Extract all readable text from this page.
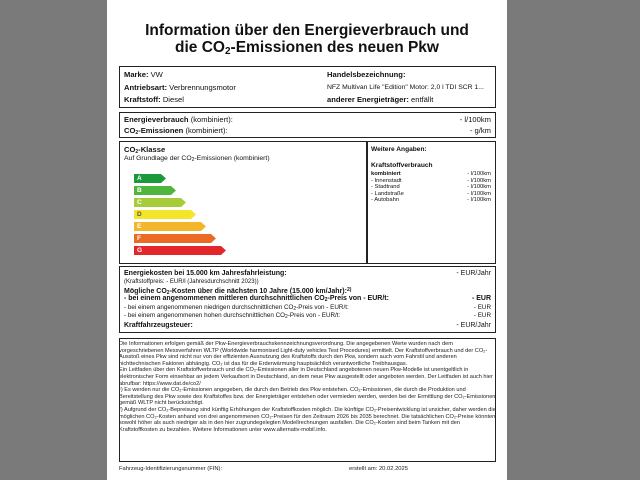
Information über den Energieverbrauch und
die CO2-Emissionen des neuen Pkw
Marke: VW
Antriebsart: Verbrennungsmotor
Kraftstoff: Diesel
Handelsbezeichnung:
NFZ Multivan Life "Edition" Motor: 2,0 l TDI SCR 1...
anderer Energieträger: entfällt
Energieverbrauch (kombiniert):	- l/100km
$CO_2$-Emissionen (kombiniert):	- g/km
$CO_2$-Klasse
Auf Grundlage der $CO_2$-Emissionen (kombiniert)
A
B
C
D
E
F
G
Weitere Angaben:
Kraftstoffverbrauch
kombiniert	- l/100km
- Innenstadt	- l/100km
- Stadtrand	- l/100km
- Landstraße	- l/100km
- Autobahn	- l/100km
Energiekosten bei 15.000 km Jahresfahrleistung:	- EUR/Jahr
(Kraftstoffpreis: - EUR/l (Jahresdurchschnitt 2023))
Mögliche $CO_2$-Kosten über die nächsten 10 Jahre (15.000 km/Jahr):$^{2)}$
- bei einem angenommenen mittleren durchschnittlichen $CO_2$-Preis von - EUR/t:	- EUR
- bei einem angenommenen niedrigen durchschnittlichen $CO_2$-Preis von - EUR/t:	- EUR
- bei einem angenommenen hohen durchschnittlichen $CO_2$-Preis von - EUR/t:	- EUR
Kraftfahrzeugsteuer:	- EUR/Jahr
Die Informationen erfolgen gemäß der Pkw-Energieverbrauchskennzeichnungsverordnung. Die angegebenen Werte wurden nach dem vorgeschriebenen Messverfahren WLTP (Worldwide harmonised Light-duty vehicles Test Procedures) ermittelt. Der Kraftstoffverbrauch und der CO₂-Ausstoß eines Pkw sind nicht nur von der effizienten Ausnutzung des Kraftstoffs durch den Pkw, sondern auch vom Fahrstil und anderen nichttechnischen Faktoren abhängig. CO₂ ist das für die Erderwärmung hauptsächlich verantwortliche Treibhausgas.
Ein Leitfaden über den Kraftstoffverbrauch und die CO₂-Emissionen aller in Deutschland angebotenen neuen Pkw-Modelle ist unentgeltlich in elektronischer Form einsehbar an jedem Verkaufsort in Deutschland, an dem neue Pkw ausgestellt oder angeboten werden. Der Leitfaden ist auch hier abrufbar: https://www.dat.de/co2/
¹) Es werden nur die CO₂-Emissionen angegeben, die durch den Betrieb des Pkw entstehen. CO₂-Emissionen, die durch die Produktion und Bereitstellung des Pkw sowie des Kraftstoffes bzw. der Energieträger entstehen oder vermieden werden, werden bei der Ermittlung der CO₂-Emissionen gemäß WLTP nicht berücksichtigt.
²) Aufgrund der CO₂-Bepreisung sind künftig Erhöhungen der Kraftstoffkosten möglich. Die künftige CO₂-Preisentwicklung ist unsicher, daher werden die möglichen CO₂-Kosten anhand von drei angenommenen CO₂-Preisen für den Zeitraum 2026 bis 2035 berechnet. Die tatsächlichen CO₂-Preise könnten sowohl höher als auch niedriger als in den hier zugrundegelegten Modellrechnungen ausfallen. Die CO₂-Kosten sind beim Tanken mit den Kraftstoffkosten zu bezahlen. Weitere Informationen unter www.alternativ-mobil.info.
Fahrzeug-Identifizierungsnummer (FIN):	erstellt am: 20.02.2025
